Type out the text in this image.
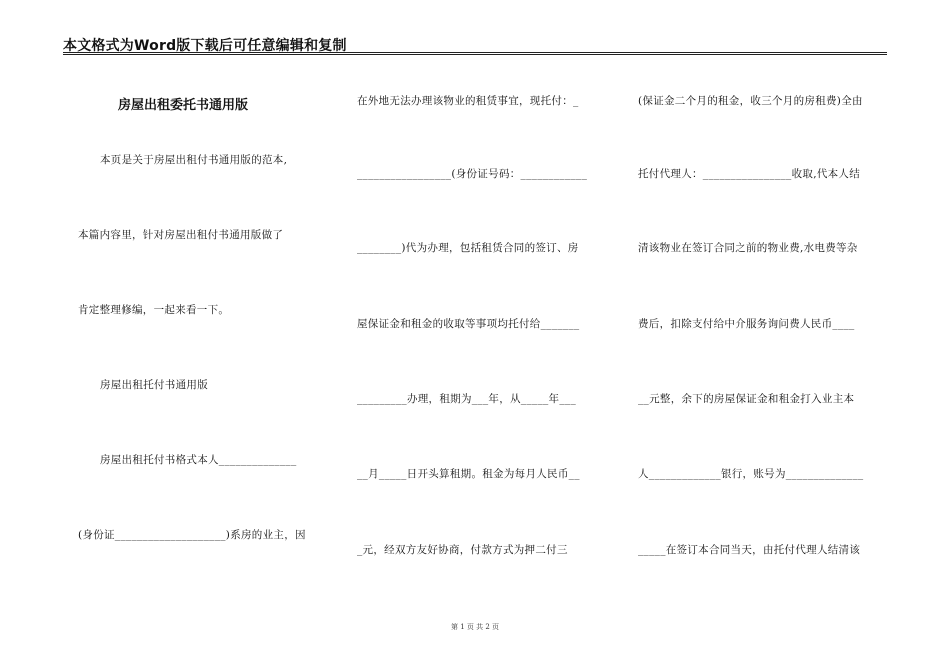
本文格式为Word版下载后可任意编辑和复制
房屋出租委托书通用版
本页是关于房屋出租付书通用版的范本,
本篇内容里，针对房屋出租付书通用版做了
肯定整理修编，一起来看一下。
房屋出租托付书通用版
房屋出租托付书格式本人______________
(身份证____________________)系房的业主，因
在外地无法办理该物业的租赁事宜，现托付：_
_________________(身份证号码：____________
________)代为办理，包括租赁合同的签订、房
屋保证金和租金的收取等事项均托付给_______
_________办理，租期为___年，从_____年___
__月_____日开头算租期。租金为每月人民币__
_元，经双方友好协商，付款方式为押二付三
(保证金二个月的租金，收三个月的房租费)全由
托付代理人：________________收取,代本人结
清该物业在签订合同之前的物业费,水电费等杂
费后，扣除支付给中介服务询问费人民币____
__元整，余下的房屋保证金和租金打入业主本
人_____________银行，账号为______________
_____在签订本合同当天，由托付代理人结清该
第 1 页 共 2 页
